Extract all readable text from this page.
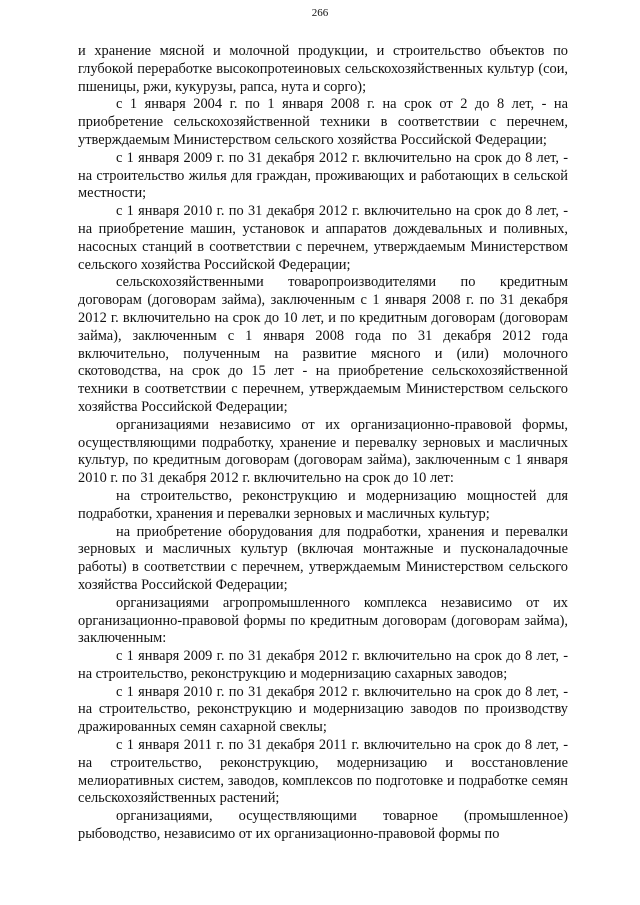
266

и хранение мясной и молочной продукции, и строительство объектов по глубокой переработке высокопротеиновых сельскохозяйственных культур (сои, пшеницы, ржи, кукурузы, рапса, нута и сорго);

с 1 января 2004 г. по 1 января 2008 г. на срок от 2 до 8 лет, - на приобретение сельскохозяйственной техники в соответствии с перечнем, утверждаемым Министерством сельского хозяйства Российской Федерации;

с 1 января 2009 г. по 31 декабря 2012 г. включительно на срок до 8 лет, - на строительство жилья для граждан, проживающих и работающих в сельской местности;

с 1 января 2010 г. по 31 декабря 2012 г. включительно на срок до 8 лет, - на приобретение машин, установок и аппаратов дождевальных и поливных, насосных станций в соответствии с перечнем, утверждаемым Министерством сельского хозяйства Российской Федерации;

сельскохозяйственными товаропроизводителями по кредитным договорам (договорам займа), заключенным с 1 января 2008 г. по 31 декабря 2012 г. включительно на срок до 10 лет, и по кредитным договорам (договорам займа), заключенным с 1 января 2008 года по 31 декабря 2012 года включительно, полученным на развитие мясного и (или) молочного скотоводства, на срок до 15 лет - на приобретение сельскохозяйственной техники в соответствии с перечнем, утверждаемым Министерством сельского хозяйства Российской Федерации;

организациями независимо от их организационно-правовой формы, осуществляющими подработку, хранение и перевалку зерновых и масличных культур, по кредитным договорам (договорам займа), заключенным с 1 января 2010 г. по 31 декабря 2012 г. включительно на срок до 10 лет:

на строительство, реконструкцию и модернизацию мощностей для подработки, хранения и перевалки зерновых и масличных культур;

на приобретение оборудования для подработки, хранения и перевалки зерновых и масличных культур (включая монтажные и пусконаладочные работы) в соответствии с перечнем, утверждаемым Министерством сельского хозяйства Российской Федерации;

организациями агропромышленного комплекса независимо от их организационно-правовой формы по кредитным договорам (договорам займа), заключенным:

с 1 января 2009 г. по 31 декабря 2012 г. включительно на срок до 8 лет, - на строительство, реконструкцию и модернизацию сахарных заводов;

с 1 января 2010 г. по 31 декабря 2012 г. включительно на срок до 8 лет, - на строительство, реконструкцию и модернизацию заводов по производству дражированных семян сахарной свеклы;

с 1 января 2011 г. по 31 декабря 2011 г. включительно на срок до 8 лет, - на строительство, реконструкцию, модернизацию и восстановление мелиоративных систем, заводов, комплексов по подготовке и подработке семян сельскохозяйственных растений;

организациями, осуществляющими товарное (промышленное) рыбоводство, независимо от их организационно-правовой формы по
